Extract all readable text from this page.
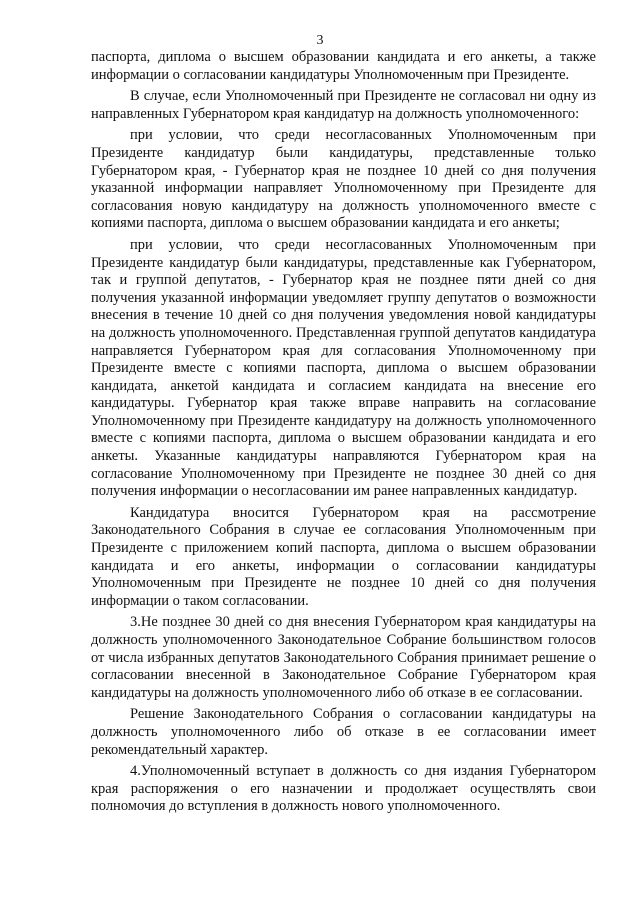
3

паспорта, диплома о высшем образовании кандидата и его анкеты, а также информации о согласовании кандидатуры Уполномоченным при Президенте.

В случае, если Уполномоченный при Президенте не согласовал ни одну из направленных Губернатором края кандидатур на должность уполномоченного:

при условии, что среди несогласованных Уполномоченным при Президенте кандидатур были кандидатуры, представленные только Губернатором края, - Губернатор края не позднее 10 дней со дня получения указанной информации направляет Уполномоченному при Президенте для согласования новую кандидатуру на должность уполномоченного вместе с копиями паспорта, диплома о высшем образовании кандидата и его анкеты;

при условии, что среди несогласованных Уполномоченным при Президенте кандидатур были кандидатуры, представленные как Губернатором, так и группой депутатов, - Губернатор края не позднее пяти дней со дня получения указанной информации уведомляет группу депутатов о возможности внесения в течение 10 дней со дня получения уведомления новой кандидатуры на должность уполномоченного. Представленная группой депутатов кандидатура направляется Губернатором края для согласования Уполномоченному при Президенте вместе с копиями паспорта, диплома о высшем образовании кандидата, анкетой кандидата и согласием кандидата на внесение его кандидатуры. Губернатор края также вправе направить на согласование Уполномоченному при Президенте кандидатуру на должность уполномоченного вместе с копиями паспорта, диплома о высшем образовании кандидата и его анкеты. Указанные кандидатуры направляются Губернатором края на согласование Уполномоченному при Президенте не позднее 30 дней со дня получения информации о несогласовании им ранее направленных кандидатур.

Кандидатура вносится Губернатором края на рассмотрение Законодательного Собрания в случае ее согласования Уполномоченным при Президенте с приложением копий паспорта, диплома о высшем образовании кандидата и его анкеты, информации о согласовании кандидатуры Уполномоченным при Президенте не позднее 10 дней со дня получения информации о таком согласовании.

3.Не позднее 30 дней со дня внесения Губернатором края кандидатуры на должность уполномоченного Законодательное Собрание большинством голосов от числа избранных депутатов Законодательного Собрания принимает решение о согласовании внесенной в Законодательное Собрание Губернатором края кандидатуры на должность уполномоченного либо об отказе в ее согласовании.

Решение Законодательного Собрания о согласовании кандидатуры на должность уполномоченного либо об отказе в ее согласовании имеет рекомендательный характер.

4.Уполномоченный вступает в должность со дня издания Губернатором края распоряжения о его назначении и продолжает осуществлять свои полномочия до вступления в должность нового уполномоченного.
